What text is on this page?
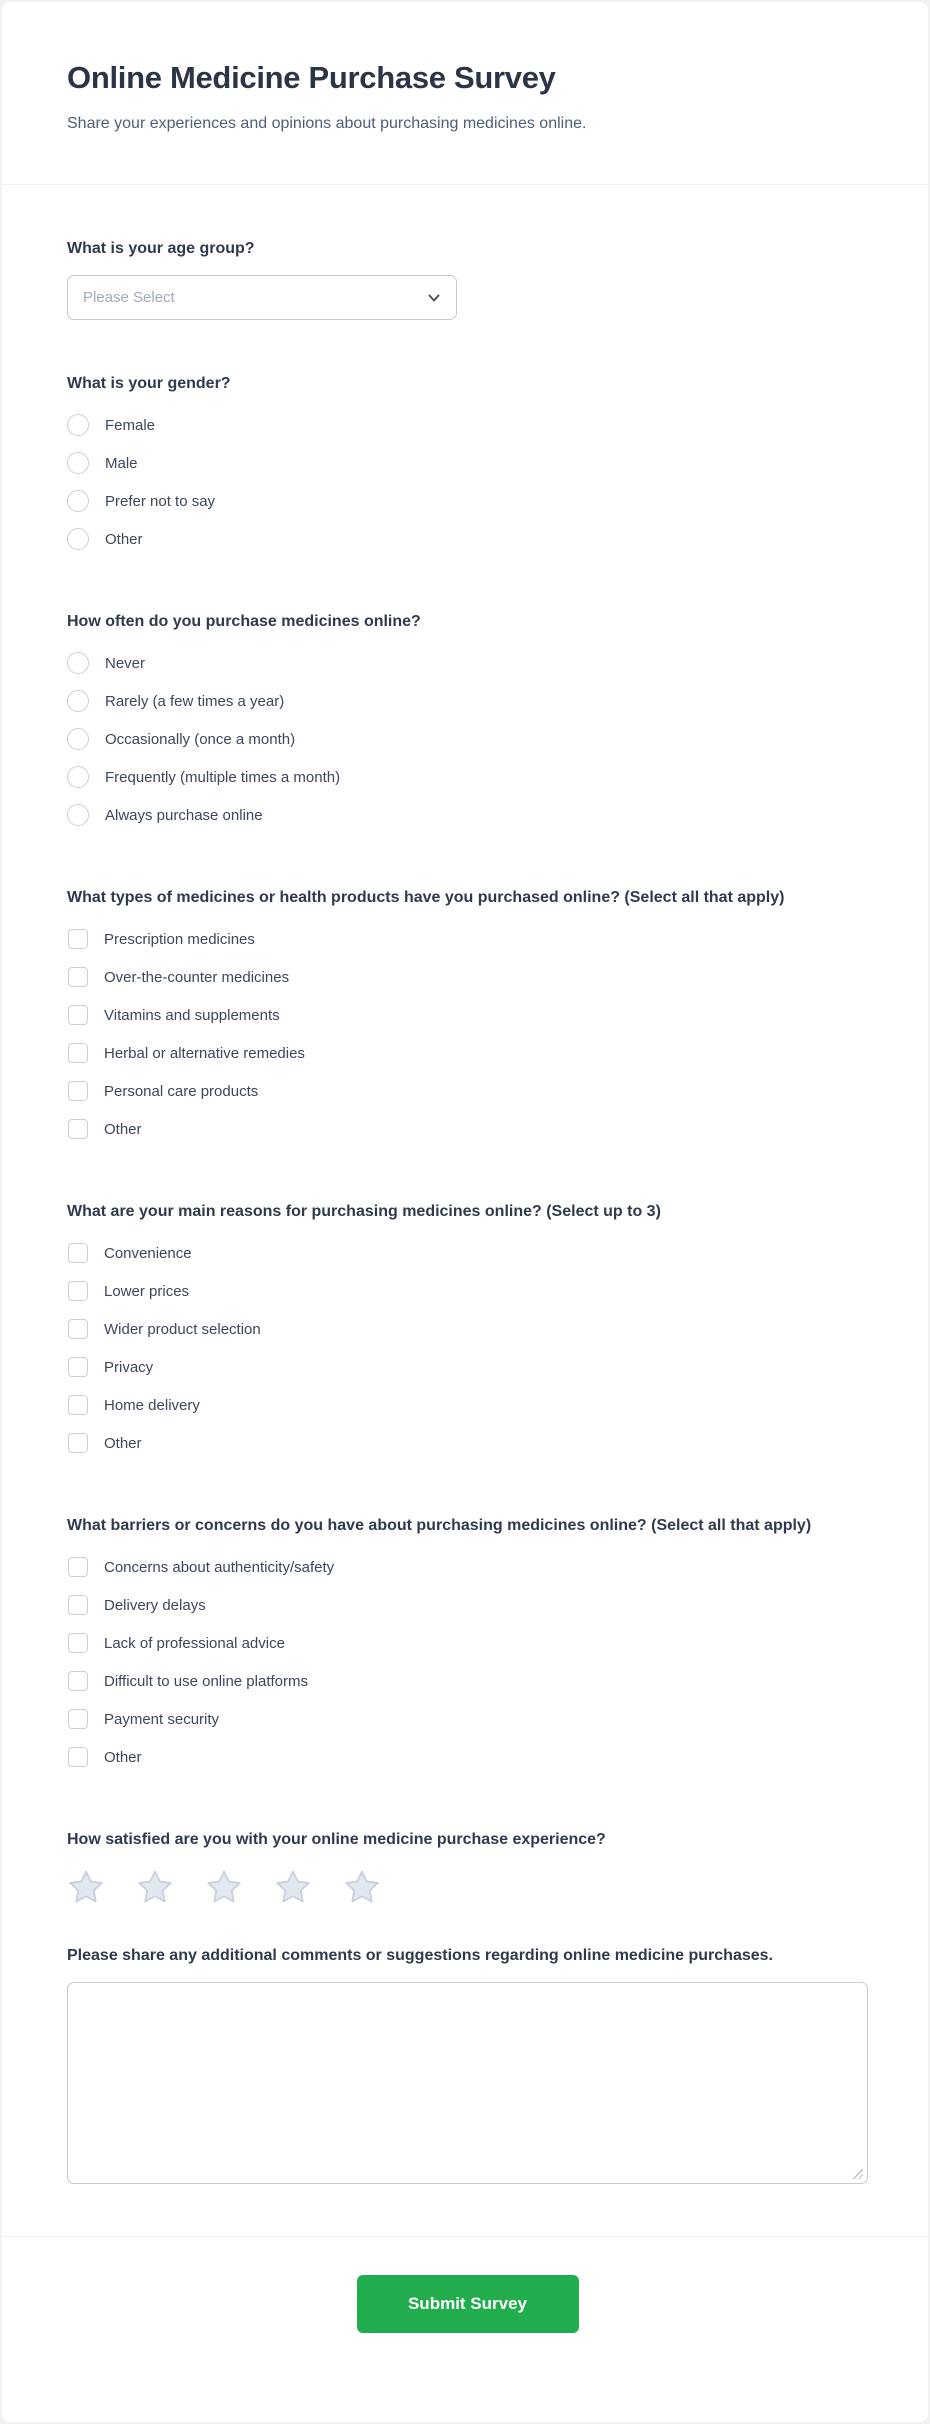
Online Medicine Purchase Survey
Share your experiences and opinions about purchasing medicines online.
What is your age group?
Please Select
What is your gender?
Female
Male
Prefer not to say
Other
How often do you purchase medicines online?
Never
Rarely (a few times a year)
Occasionally (once a month)
Frequently (multiple times a month)
Always purchase online
What types of medicines or health products have you purchased online? (Select all that apply)
Prescription medicines
Over-the-counter medicines
Vitamins and supplements
Herbal or alternative remedies
Personal care products
Other
What are your main reasons for purchasing medicines online? (Select up to 3)
Convenience
Lower prices
Wider product selection
Privacy
Home delivery
Other
What barriers or concerns do you have about purchasing medicines online? (Select all that apply)
Concerns about authenticity/safety
Delivery delays
Lack of professional advice
Difficult to use online platforms
Payment security
Other
How satisfied are you with your online medicine purchase experience?
Please share any additional comments or suggestions regarding online medicine purchases.
Submit Survey
